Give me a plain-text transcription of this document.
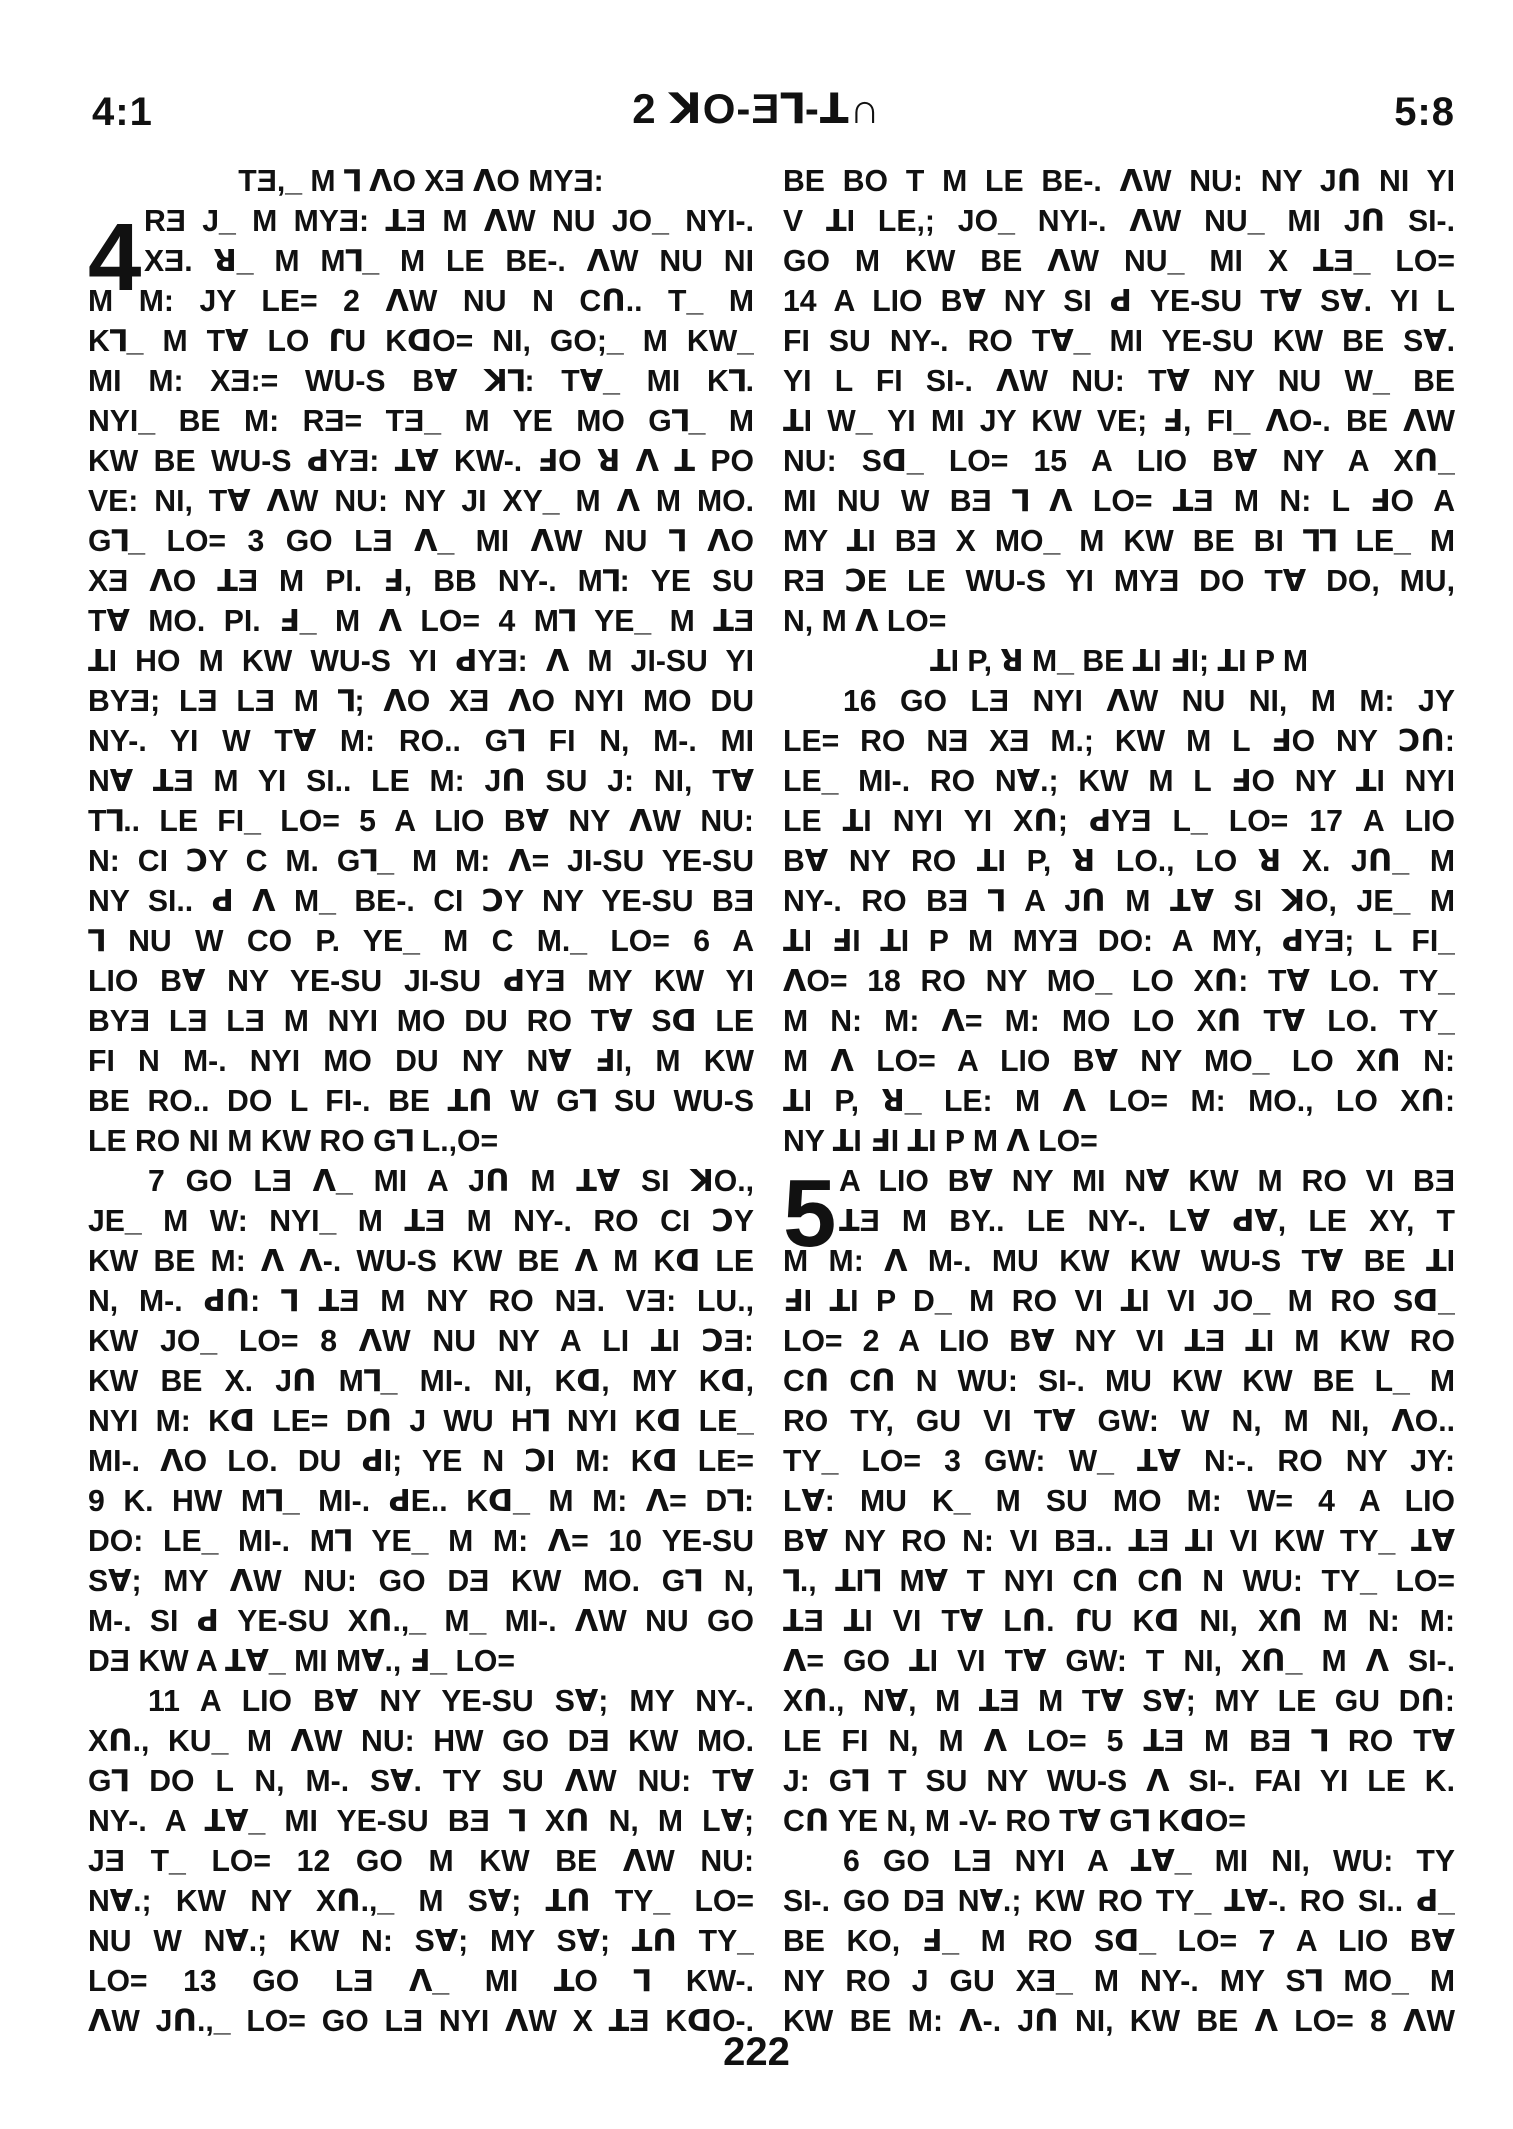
4:1	2 ꓘO-Ǝꓶ-ꓕ∩	5:8
TƎ,_ M ꓶ ꓥO XƎ ꓥO MYƎ:
4 RƎ J_ M MYƎ: ꓕƎ M ꓥW NU JO_ NYI-.
XƎ. ꓤ_ M Mꓶ_ M LE BE-. ꓥW NU NI
M M: JY LE= 2 ꓥW NU N Cꓵ.. T_ M
Kꓶ_ M Tꓯ LO ꓩU KꓷO= NI, GO;_ M KW_
MI M: XƎ:= WU-S Bꓯ ꓘꓶ: Tꓯ_ MI Kꓶ.
NYI_ BE M: RƎ= TƎ_ M YE MO Gꓶ_ M
KW BE WU-S ꓒYƎ: ꓕꓯ KW-. ꓞO ꓤ ꓥ ꓕ PO
VE: NI, Tꓯ ꓥW NU: NY JI XY_ M ꓥ M MO.
Gꓶ_ LO= 3 GO LƎ ꓥ_ MI ꓥW NU ꓶ ꓥO
XƎ ꓥO ꓕƎ M PI. ꓞ, BB NY-. Mꓶ: YE SU
Tꓯ MO. PI. ꓞ_ M ꓥ LO= 4 Mꓶ YE_ M ꓕƎ
ꓕI HO M KW WU-S YI ꓒYƎ: ꓥ M JI-SU YI
BYƎ; LƎ LƎ M ꓶ; ꓥO XƎ ꓥO NYI MO DU
NY-. YI W Tꓯ M: RO.. Gꓶ FI N, M-. MI
Nꓯ ꓕƎ M YI SI.. LE M: Jꓵ SU J: NI, Tꓯ
Tꓶ.. LE FI_ LO= 5 A LIO Bꓯ NY ꓥW NU:
N: CI ꓛY C M. Gꓶ_ M M: ꓥ= JI-SU YE-SU
NY SI.. ꓒ ꓥ M_ BE-. CI ꓛY NY YE-SU BƎ
ꓶ NU W CO P. YE_ M C M._ LO= 6 A
LIO Bꓯ NY YE-SU JI-SU ꓒYƎ MY KW YI
BYƎ LƎ LƎ M NYI MO DU RO Tꓯ Sꓷ LE
FI N M-. NYI MO DU NY Nꓯ ꓞI, M KW
BE RO.. DO L FI-. BE ꓕꓵ W Gꓶ SU WU-S
LE RO NI M KW RO Gꓶ L.,O=
7 GO LƎ ꓥ_ MI A Jꓵ M ꓕꓯ SI ꓘO.,
JE_ M W: NYI_ M ꓕƎ M NY-. RO CI ꓛY
KW BE M: ꓥ ꓥ-. WU-S KW BE ꓥ M Kꓷ LE
N, M-. ꓒꓵ: ꓶ ꓕƎ M NY RO NƎ. VƎ: LU.,
KW JO_ LO= 8 ꓥW NU NY A LI ꓕI ꓛƎ:
KW BE X. Jꓵ Mꓶ_ MI-. NI, Kꓷ, MY Kꓷ,
NYI M: Kꓷ LE= Dꓵ J WU Hꓶ NYI Kꓷ LE_
MI-. ꓥO LO. DU ꓒI; YE N ꓛI M: Kꓷ LE=
9 K. HW Mꓶ_ MI-. ꓒE.. Kꓷ_ M M: ꓥ= Dꓶ:
DO: LE_ MI-. Mꓶ YE_ M M: ꓥ= 10 YE-SU
Sꓯ; MY ꓥW NU: GO DƎ KW MO. Gꓶ N,
M-. SI ꓒ YE-SU Xꓵ.,_ M_ MI-. ꓥW NU GO
DƎ KW A ꓕꓯ_ MI Mꓯ., ꓞ_ LO=
11 A LIO Bꓯ NY YE-SU Sꓯ; MY NY-.
Xꓵ., KU_ M ꓥW NU: HW GO DƎ KW MO.
Gꓶ DO L N, M-. Sꓯ. TY SU ꓥW NU: Tꓯ
NY-. A ꓕꓯ_ MI YE-SU BƎ ꓶ Xꓵ N, M Lꓯ;
JƎ T_ LO= 12 GO M KW BE ꓥW NU:
Nꓯ.; KW NY Xꓵ.,_ M Sꓯ; ꓕꓵ TY_ LO=
NU W Nꓯ.; KW N: Sꓯ; MY Sꓯ; ꓕꓵ TY_
LO= 13 GO LƎ ꓥ_ MI ꓕO ꓶ KW-.
ꓥW Jꓵ.,_ LO= GO LƎ NYI ꓥW X ꓕƎ KꓷO-.
BE BO T M LE BE-. ꓥW NU: NY Jꓵ NI YI
V ꓕI LE,; JO_ NYI-. ꓥW NU_ MI Jꓵ SI-.
GO M KW BE ꓥW NU_ MI X ꓕƎ_ LO=
14 A LIO Bꓯ NY SI ꓒ YE-SU Tꓯ Sꓯ. YI L
FI SU NY-. RO Tꓯ_ MI YE-SU KW BE Sꓯ.
YI L FI SI-. ꓥW NU: Tꓯ NY NU W_ BE
ꓕI W_ YI MI JY KW VE; ꓞ, FI_ ꓥO-. BE ꓥW
NU: Sꓷ_ LO= 15 A LIO Bꓯ NY A Xꓵ_
MI NU W BƎ ꓶ ꓥ LO= ꓕƎ M N: L ꓞO A
MY ꓕI BƎ X MO_ M KW BE BI ꓶꓶ LE_ M
RƎ ꓛE LE WU-S YI MYƎ DO Tꓯ DO, MU,
N, M ꓥ LO=
ꓕI P, ꓤ M_ BE ꓕI ꓞI; ꓕI P M
16 GO LƎ NYI ꓥW NU NI, M M: JY
LE= RO NƎ XƎ M.; KW M L ꓞO NY ꓛꓵ:
LE_ MI-. RO Nꓯ.; KW M L ꓞO NY ꓕI NYI
LE ꓕI NYI YI Xꓵ; ꓒYƎ L_ LO= 17 A LIO
Bꓯ NY RO ꓕI P, ꓤ LO., LO ꓤ X. Jꓵ_ M
NY-. RO BƎ ꓶ A Jꓵ M ꓕꓯ SI ꓘO, JE_ M
ꓕI ꓞI ꓕI P M MYƎ DO: A MY, ꓒYƎ; L FI_
ꓥO= 18 RO NY MO_ LO Xꓵ: Tꓯ LO. TY_
M N: M: ꓥ= M: MO LO Xꓵ Tꓯ LO. TY_
M ꓥ LO= A LIO Bꓯ NY MO_ LO Xꓵ N:
ꓕI P, ꓤ_ LE: M ꓥ LO= M: MO., LO Xꓵ:
NY ꓕI ꓞI ꓕI P M ꓥ LO=
5 A LIO Bꓯ NY MI Nꓯ KW M RO VI BƎ
ꓕƎ M BY.. LE NY-. Lꓯ ꓒꓯ, LE XY, T
M M: ꓥ M-. MU KW KW WU-S Tꓯ BE ꓕI
ꓞI ꓕI P D_ M RO VI ꓕI VI JO_ M RO Sꓷ_
LO= 2 A LIO Bꓯ NY VI ꓕƎ ꓕI M KW RO
Cꓵ Cꓵ N WU: SI-. MU KW KW BE L_ M
RO TY, GU VI Tꓯ GW: W N, M NI, ꓥO..
TY_ LO= 3 GW: W_ ꓕꓯ N:-. RO NY JY:
Lꓯ: MU K_ M SU MO M: W= 4 A LIO
Bꓯ NY RO N: VI BƎ.. ꓕƎ ꓕI VI KW TY_ ꓕꓯ
ꓶ., ꓕIꓶ Mꓯ T NYI Cꓵ Cꓵ N WU: TY_ LO=
ꓕƎ ꓕI VI Tꓯ Lꓵ. ꓩU Kꓷ NI, Xꓵ M N: M:
ꓥ= GO ꓕI VI Tꓯ GW: T NI, Xꓵ_ M ꓥ SI-.
Xꓵ., Nꓯ, M ꓕƎ M Tꓯ Sꓯ; MY LE GU Dꓵ:
LE FI N, M ꓥ LO= 5 ꓕƎ M BƎ ꓶ RO Tꓯ
J: Gꓶ T SU NY WU-S ꓥ SI-. FAI YI LE K.
Cꓵ YE N, M -V- RO Tꓯ Gꓶ KꓷO=
6 GO LƎ NYI A ꓕꓯ_ MI NI, WU: TY
SI-. GO DƎ Nꓯ.; KW RO TY_ ꓕꓯ-. RO SI.. ꓒ_
BE KO, ꓞ_ M RO Sꓷ_ LO= 7 A LIO Bꓯ
NY RO J GU XƎ_ M NY-. MY Sꓶ MO_ M
KW BE M: ꓥ-. Jꓵ NI, KW BE ꓥ LO= 8 ꓥW
222
